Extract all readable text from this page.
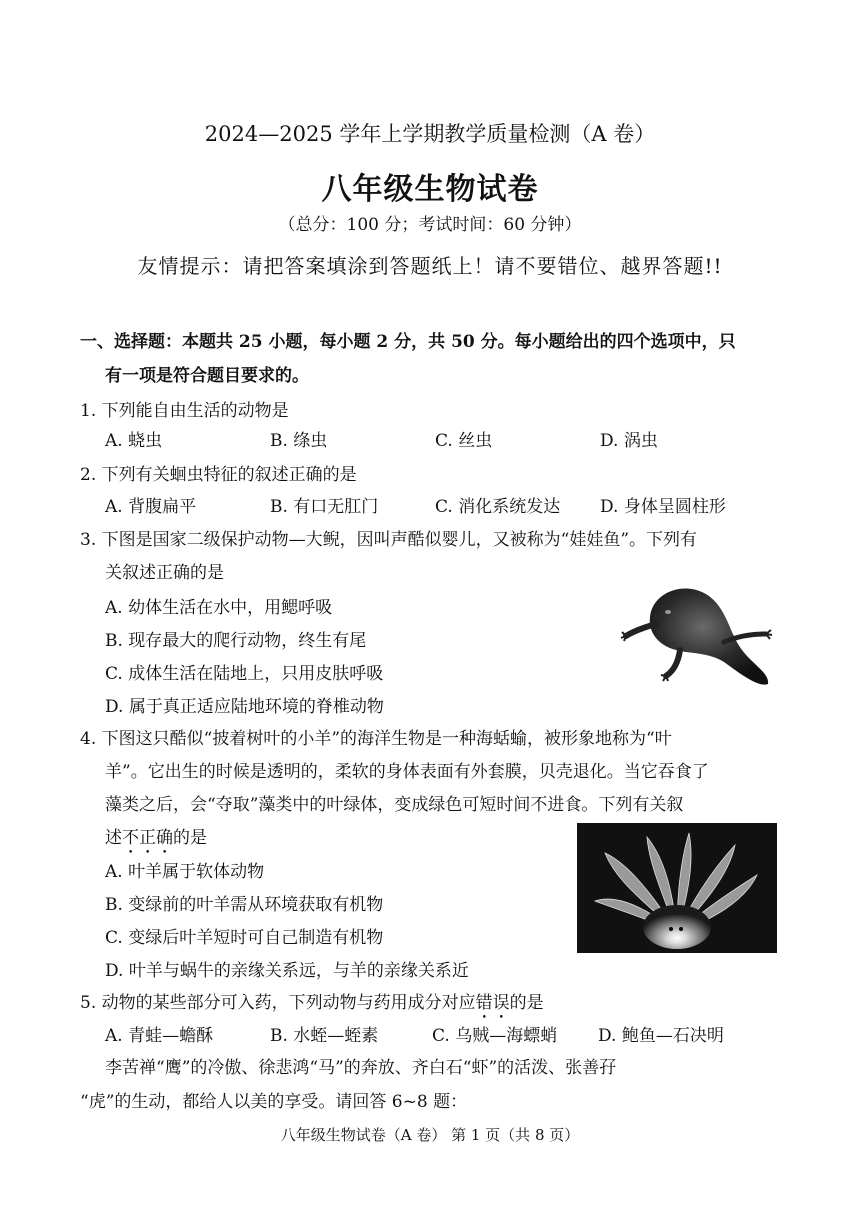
2024—2025 学年上学期教学质量检测（A 卷）
八年级生物试卷
（总分：100 分；考试时间：60 分钟）
友情提示：请把答案填涂到答题纸上！请不要错位、越界答题!!
一、选择题：本题共 25 小题，每小题 2 分，共 50 分。每小题给出的四个选项中，只
有一项是符合题目要求的。
1. 下列能自由生活的动物是
A. 蛲虫	B. 绦虫	C. 丝虫	D. 涡虫
2. 下列有关蛔虫特征的叙述正确的是
A. 背腹扁平	B. 有口无肛门	C. 消化系统发达 D. 身体呈圆柱形
3. 下图是国家二级保护动物—大鲵，因叫声酷似婴儿，又被称为“娃娃鱼”。下列有
关叙述正确的是
A. 幼体生活在水中，用鳃呼吸
B. 现存最大的爬行动物，终生有尾
C. 成体生活在陆地上，只用皮肤呼吸
D. 属于真正适应陆地环境的脊椎动物
4. 下图这只酷似“披着树叶的小羊”的海洋生物是一种海蛞蝓，被形象地称为“叶
羊”。它出生的时候是透明的，柔软的身体表面有外套膜，贝壳退化。当它吞食了
藻类之后，会“夺取”藻类中的叶绿体，变成绿色可短时间不进食。下列有关叙
述不正确的是
A. 叶羊属于软体动物
B. 变绿前的叶羊需从环境获取有机物
C. 变绿后叶羊短时可自己制造有机物
D. 叶羊与蜗牛的亲缘关系远，与羊的亲缘关系近
5. 动物的某些部分可入药，下列动物与药用成分对应错误的是
A. 青蛙—蟾酥	B. 水蛭—蛭素	C. 乌贼—海螵蛸 D. 鲍鱼—石决明
李苦禅“鹰”的冷傲、徐悲鸿“马”的奔放、齐白石“虾”的活泼、张善孖
“虎”的生动，都给人以美的享受。请回答 6~8 题：
八年级生物试卷（A 卷） 第 1 页（共 8 页）
